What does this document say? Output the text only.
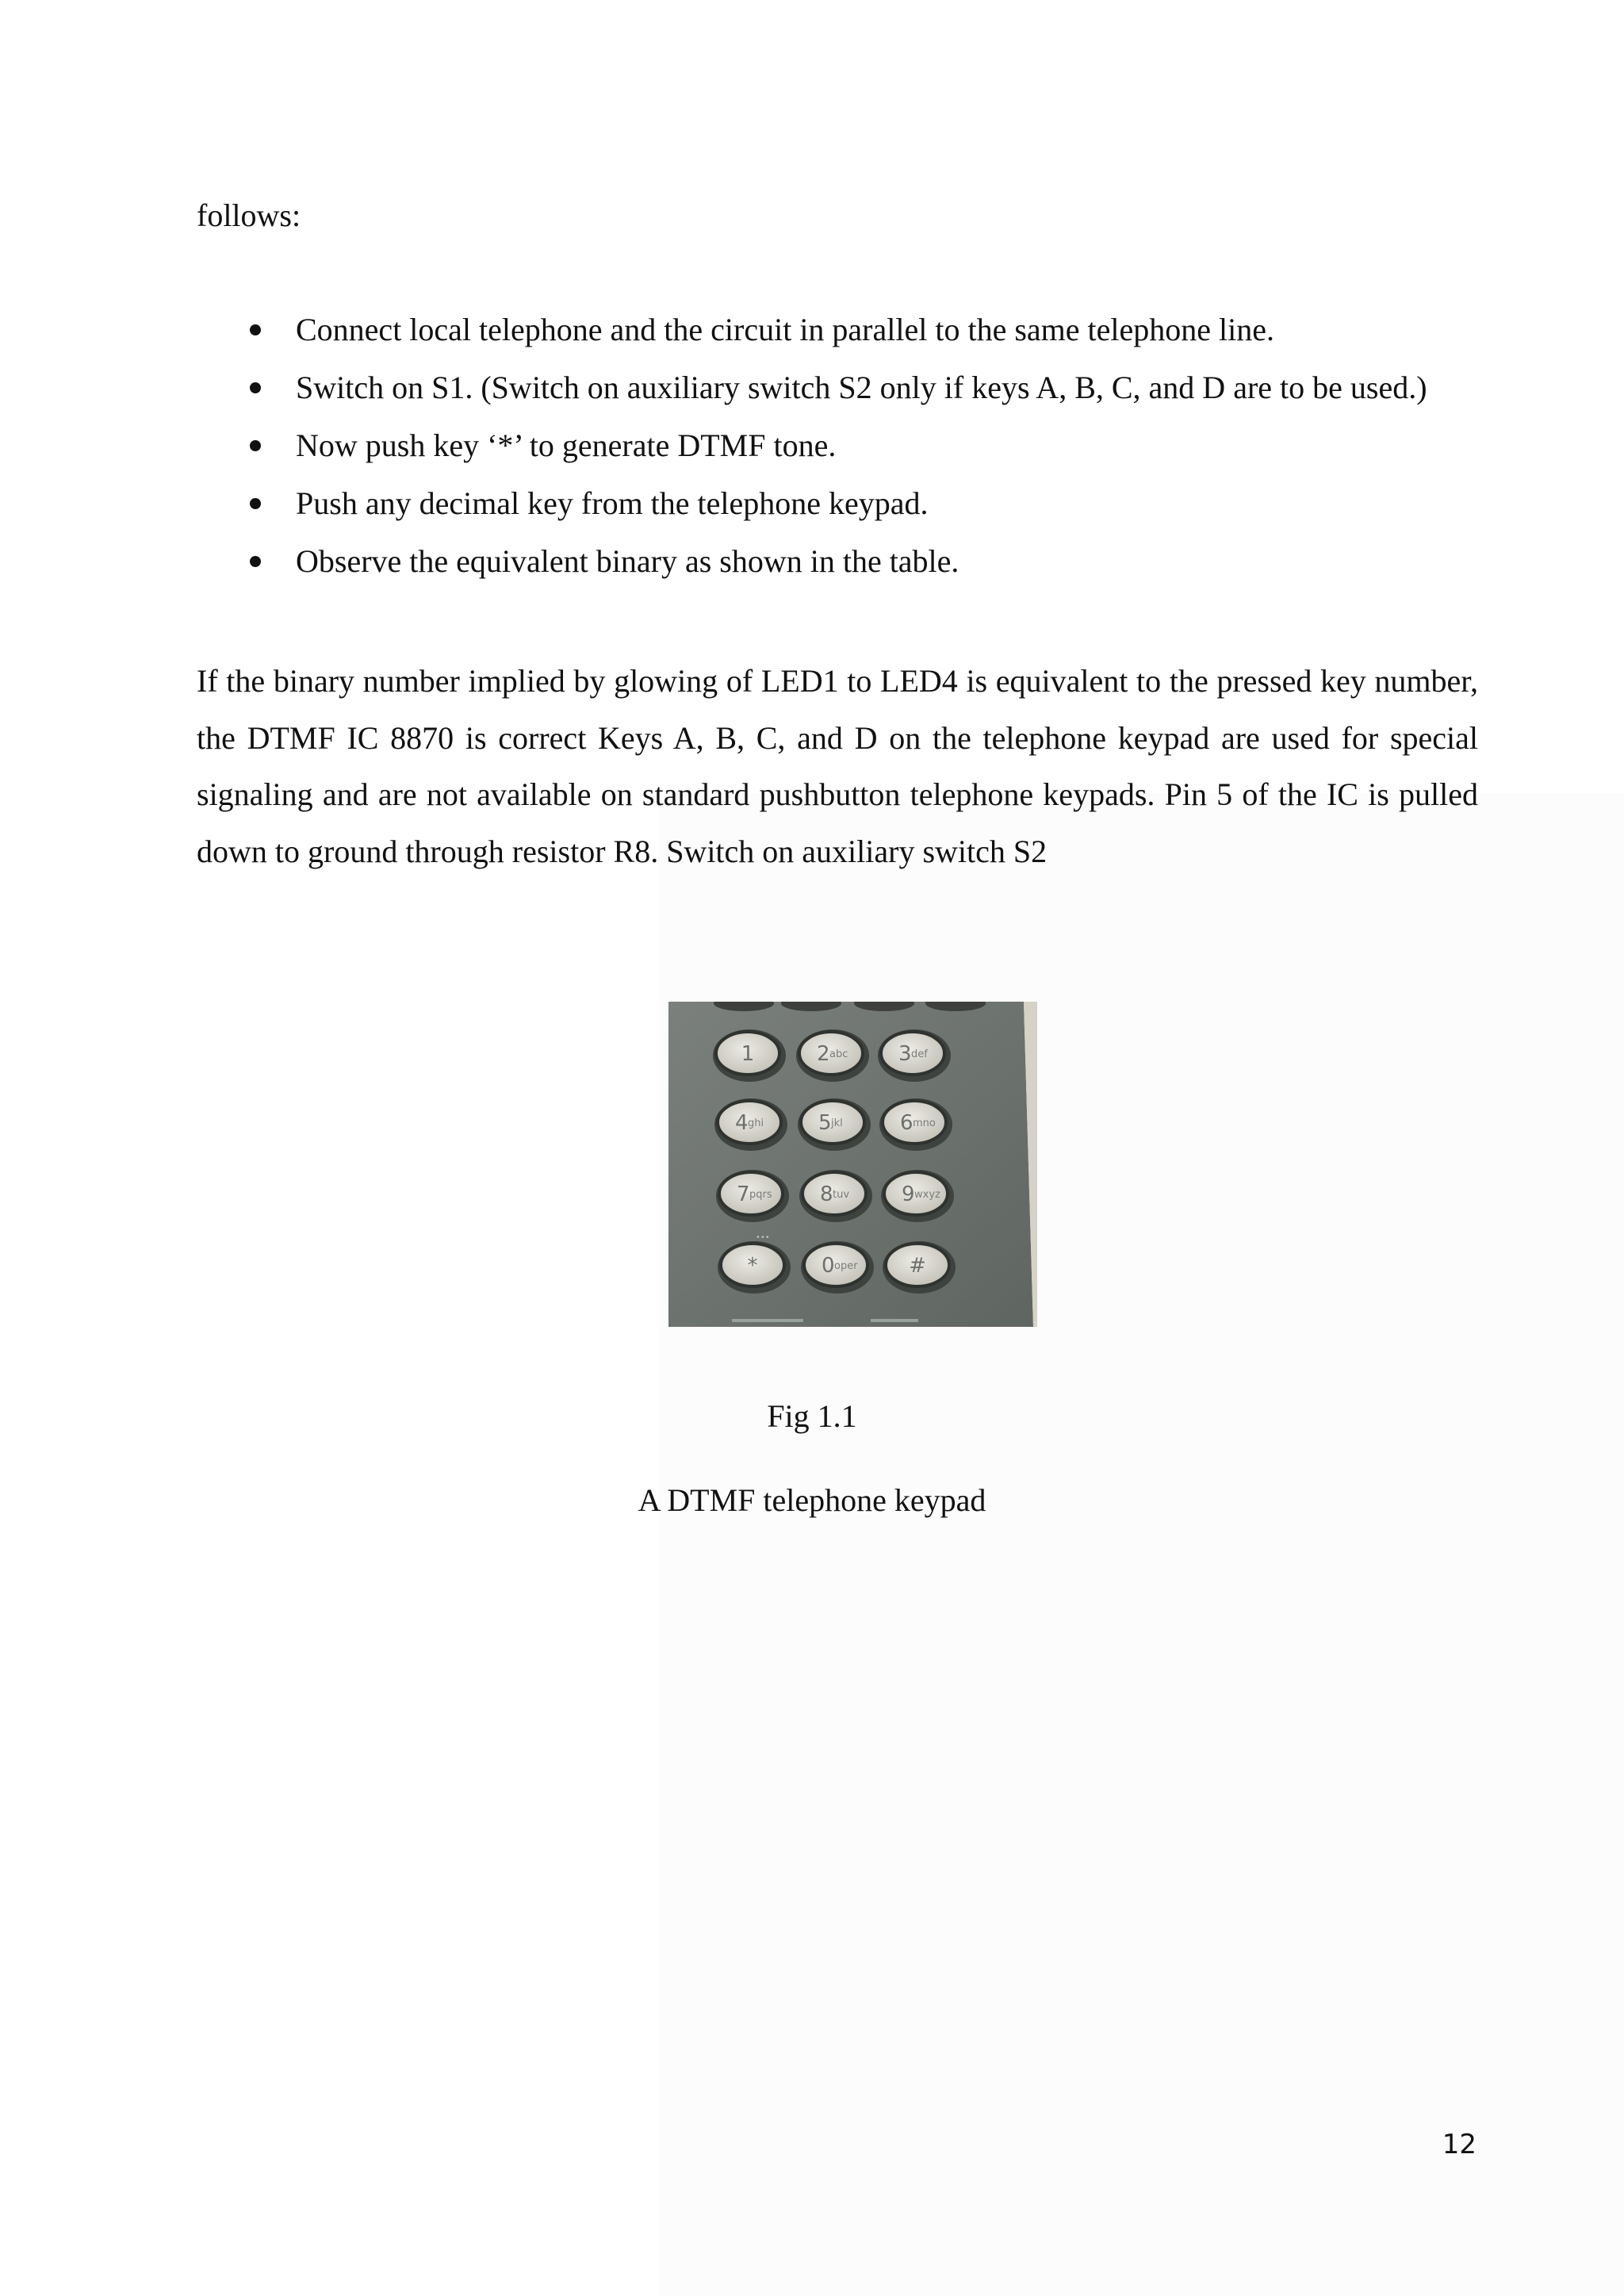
follows:
Connect local telephone and the circuit in parallel to the same telephone line.
Switch on S1. (Switch on auxiliary switch S2 only if keys A, B, C, and D are to be used.)
Now push key ‘*’ to generate DTMF tone.
Push any decimal key from the telephone keypad.
Observe the equivalent binary as shown in the table.
If the binary number implied by glowing of LED1 to LED4 is equivalent to the pressed key number, the DTMF IC 8870 is correct Keys A, B, C, and D on the telephone keypad are used for special signaling and are not available on standard pushbutton telephone keypads. Pin 5 of the IC is pulled down to ground through resistor R8. Switch on auxiliary switch S2
1	2 abc 3 def
4 ghi	5 jkl	6 mno
7 pqrs 8 tuv	9 wxyz
*	0 oper #
•••
Fig 1.1
A DTMF telephone keypad
12
